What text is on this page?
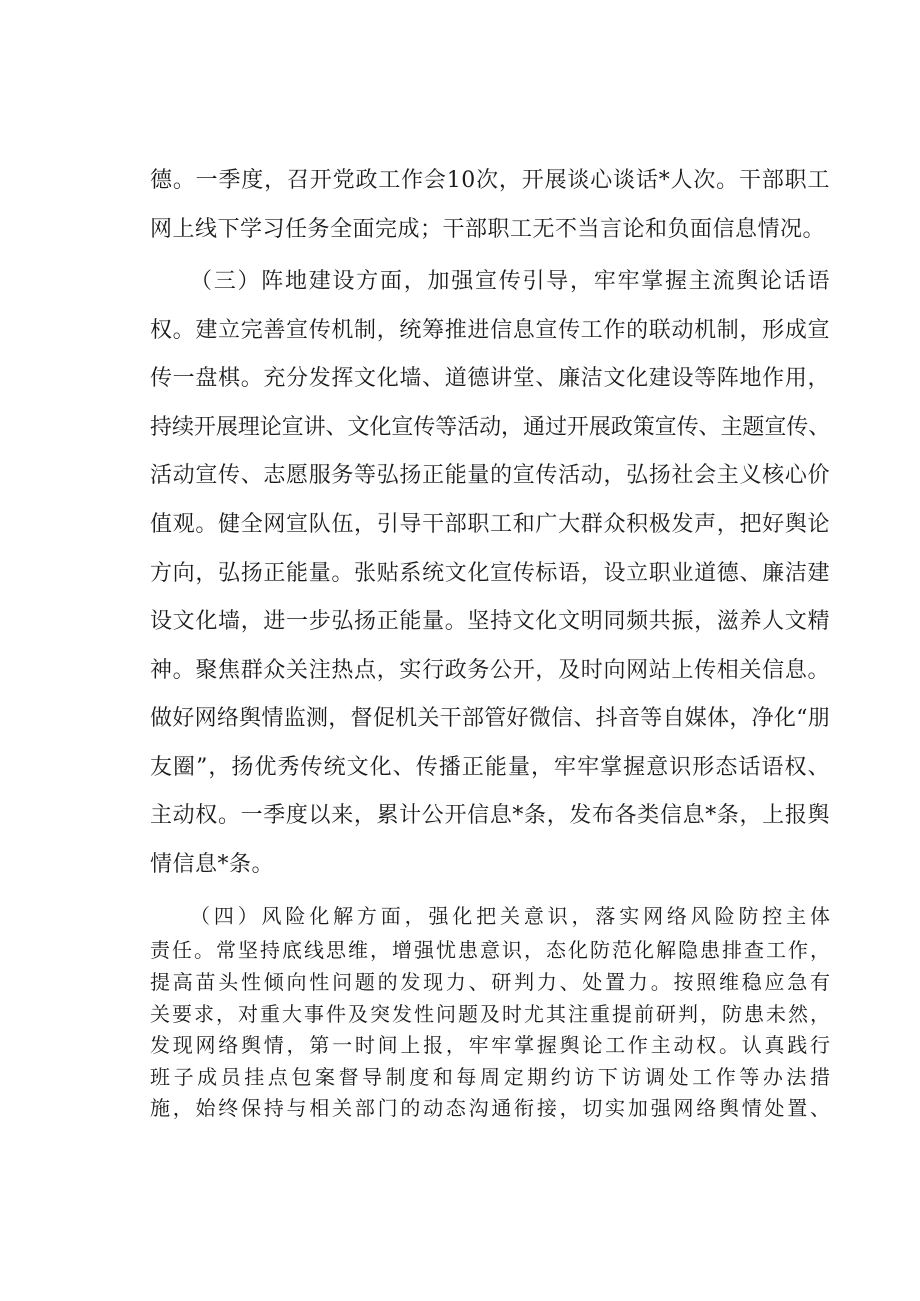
德。一季度，召开党政工作会10次，开展谈心谈话*人次。干部职工
网上线下学习任务全面完成；干部职工无不当言论和负面信息情况。
（三）阵地建设方面，加强宣传引导，牢牢掌握主流舆论话语
权。建立完善宣传机制，统筹推进信息宣传工作的联动机制，形成宣
传一盘棋。充分发挥文化墙、道德讲堂、廉洁文化建设等阵地作用，
持续开展理论宣讲、文化宣传等活动，通过开展政策宣传、主题宣传、
活动宣传、志愿服务等弘扬正能量的宣传活动，弘扬社会主义核心价
值观。健全网宣队伍，引导干部职工和广大群众积极发声，把好舆论
方向，弘扬正能量。张贴系统文化宣传标语，设立职业道德、廉洁建
设文化墙，进一步弘扬正能量。坚持文化文明同频共振，滋养人文精
神。聚焦群众关注热点，实行政务公开，及时向网站上传相关信息。
做好网络舆情监测，督促机关干部管好微信、抖音等自媒体，净化“朋
友圈”，扬优秀传统文化、传播正能量，牢牢掌握意识形态话语权、
主动权。一季度以来，累计公开信息*条，发布各类信息*条，上报舆
情信息*条。
（四）风险化解方面，强化把关意识，落实网络风险防控主体
责任。常坚持底线思维，增强忧患意识，态化防范化解隐患排查工作，
提高苗头性倾向性问题的发现力、研判力、处置力。按照维稳应急有
关要求，对重大事件及突发性问题及时尤其注重提前研判，防患未然，
发现网络舆情，第一时间上报，牢牢掌握舆论工作主动权。认真践行
班子成员挂点包案督导制度和每周定期约访下访调处工作等办法措
施，始终保持与相关部门的动态沟通衔接，切实加强网络舆情处置、
